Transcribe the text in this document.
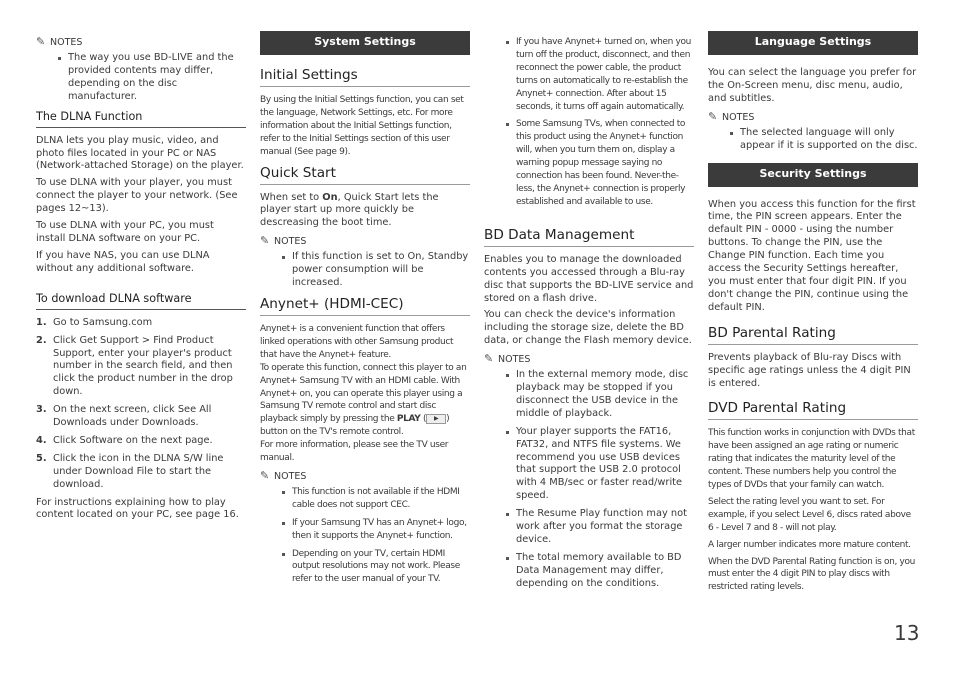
✎ NOTES
The way you use BD-LIVE and the provided contents may differ, depending on the disc manufacturer.
The DLNA Function

DLNA lets you play music, video, and photo files located in your PC or NAS (Network-attached Storage) on the player.

To use DLNA with your player, you must connect the player to your network. (See pages 12~13).

To use DLNA with your PC, you must install DLNA software on your PC.

If you have NAS, you can use DLNA without any additional software.

To download DLNA software
1. Go to Samsung.com
2. Click Get Support > Find Product Support, enter your player's product number in the search field, and then click the product number in the drop down.
3. On the next screen, click See All Downloads under Downloads.
4. Click Software on the next page.
5. Click the icon in the DLNA S/W line under Download File to start the download.

For instructions explaining how to play content located on your PC, see page 16.

System Settings
Initial Settings

By using the Initial Settings function, you can set the language, Network Settings, etc. For more information about the Initial Settings function, refer to the Initial Settings section of this user manual (See page 9).

Quick Start

When set to On, Quick Start lets the player start up more quickly be descreasing the boot time.

✎ NOTES
If this function is set to On, Standby power consumption will be increased.
Anynet+ (HDMI-CEC)

Anynet+ is a convenient function that offers linked operations with other Samsung product that have the Anynet+ feature.

To operate this function, connect this player to an Anynet+ Samsung TV with an HDMI cable. With Anynet+ on, you can operate this player using a Samsung TV remote control and start disc playback simply by pressing the PLAY ( ▶ ) button on the TV's remote control.

For more information, please see the TV user manual.

✎ NOTES
This function is not available if the HDMI cable does not support CEC.
If your Samsung TV has an Anynet+ logo, then it supports the Anynet+ function.
Depending on your TV, certain HDMI output resolutions may not work. Please refer to the user manual of your TV.
If you have Anynet+ turned on, when you turn off the product, disconnect, and then reconnect the power cable, the product turns on automatically to re-establish the Anynet+ connection. After about 15 seconds, it turns off again automatically.
Some Samsung TVs, when connected to this product using the Anynet+ function will, when you turn them on, display a warning popup message saying no connection has been found. Never-the-less, the Anynet+ connection is properly established and available to use.
BD Data Management

Enables you to manage the downloaded contents you accessed through a Blu-ray disc that supports the BD-LIVE service and stored on a flash drive.

You can check the device's information including the storage size, delete the BD data, or change the Flash memory device.

✎ NOTES
In the external memory mode, disc playback may be stopped if you disconnect the USB device in the middle of playback.
Your player supports the FAT16, FAT32, and NTFS file systems. We recommend you use USB devices that support the USB 2.0 protocol with 4 MB/sec or faster read/write speed.
The Resume Play function may not work after you format the storage device.
The total memory available to BD Data Management may differ, depending on the conditions.
Language Settings

You can select the language you prefer for the On-Screen menu, disc menu, audio, and subtitles.

✎ NOTES
The selected language will only appear if it is supported on the disc.
Security Settings

When you access this function for the first time, the PIN screen appears. Enter the default PIN - 0000 - using the number buttons. To change the PIN, use the Change PIN function. Each time you access the Security Settings hereafter, you must enter that four digit PIN. If you don't change the PIN, continue using the default PIN.

BD Parental Rating

Prevents playback of Blu-ray Discs with specific age ratings unless the 4 digit PIN is entered.

DVD Parental Rating

This function works in conjunction with DVDs that have been assigned an age rating or numeric rating that indicates the maturity level of the content. These numbers help you control the types of DVDs that your family can watch.

Select the rating level you want to set. For example, if you select Level 6, discs rated above 6 - Level 7 and 8 - will not play.

A larger number indicates more mature content.

When the DVD Parental Rating function is on, you must enter the 4 digit PIN to play discs with restricted rating levels.

13
